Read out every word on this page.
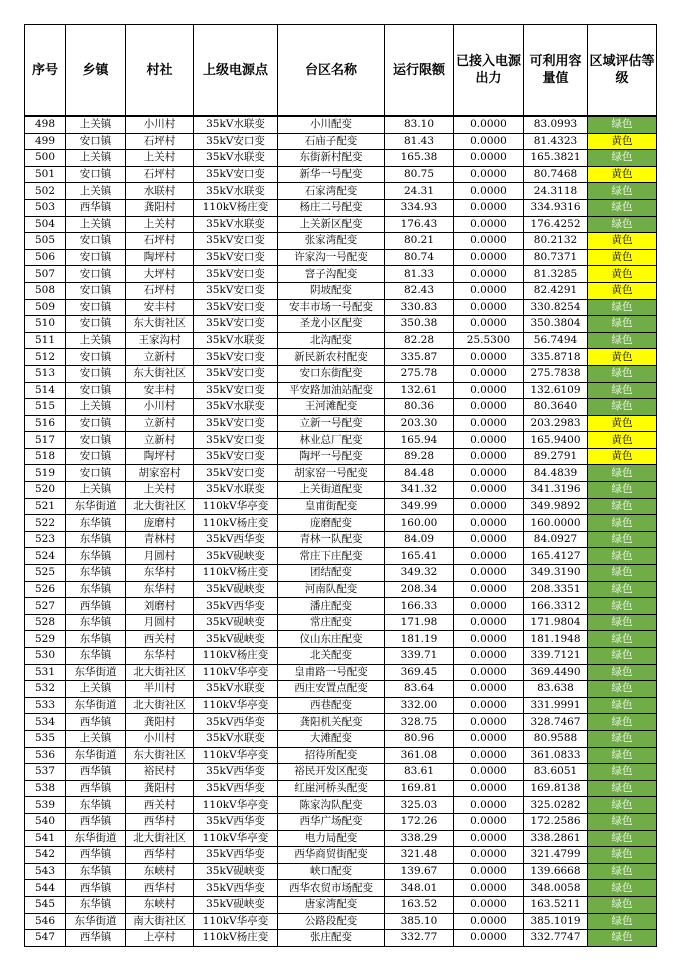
序号	乡镇	村社	上级电源点	台区名称	运行限额	已接入电源出力	可利用容量值	区域评估等级
498	上关镇	小川村	35kV水联变	小川配变	83.10	0.0000	83.0993	绿色
499	安口镇	石坪村	35kV安口变	石庙子配变	81.43	0.0000	81.4323	黄色
500	上关镇	上关村	35kV水联变	东街新村配变	165.38	0.0000	165.3821	绿色
501	安口镇	石坪村	35kV安口变	新华一号配变	80.75	0.0000	80.7468	黄色
502	上关镇	水联村	35kV水联变	石家湾配变	24.31	0.0000	24.3118	绿色
503	西华镇	龚阳村	110kV杨庄变	杨庄二号配变	334.93	0.0000	334.9316	绿色
504	上关镇	上关村	35kV水联变	上关新区配变	176.43	0.0000	176.4252	绿色
505	安口镇	石坪村	35kV安口变	张家湾配变	80.21	0.0000	80.2132	黄色
506	安口镇	陶坪村	35kV安口变	许家沟一号配变	80.74	0.0000	80.7371	黄色
507	安口镇	大坪村	35kV安口变	窨子沟配变	81.33	0.0000	81.3285	黄色
508	安口镇	石坪村	35kV安口变	阴坡配变	82.43	0.0000	82.4291	黄色
509	安口镇	安丰村	35kV安口变	安丰市场一号配变	330.83	0.0000	330.8254	绿色
510	安口镇	东大街社区	35kV安口变	圣龙小区配变	350.38	0.0000	350.3804	绿色
511	上关镇	王家沟村	35kV水联变	北沟配变	82.28	25.5300	56.7494	绿色
512	安口镇	立新村	35kV安口变	新民新农村配变	335.87	0.0000	335.8718	黄色
513	安口镇	东大街社区	35kV安口变	安口东街配变	275.78	0.0000	275.7838	绿色
514	安口镇	安丰村	35kV安口变	平安路加油站配变	132.61	0.0000	132.6109	绿色
515	上关镇	小川村	35kV水联变	王河滩配变	80.36	0.0000	80.3640	绿色
516	安口镇	立新村	35kV安口变	立新一号配变	203.30	0.0000	203.2983	黄色
517	安口镇	立新村	35kV安口变	林业总厂配变	165.94	0.0000	165.9400	黄色
518	安口镇	陶坪村	35kV安口变	陶坪一号配变	89.28	0.0000	89.2791	黄色
519	安口镇	胡家窑村	35kV安口变	胡家窑一号配变	84.48	0.0000	84.4839	绿色
520	上关镇	上关村	35kV水联变	上关街道配变	341.32	0.0000	341.3196	绿色
521	东华街道	北大街社区	110kV华亭变	皇甫街配变	349.99	0.0000	349.9892	绿色
522	东华镇	庞磨村	110kV杨庄变	庞磨配变	160.00	0.0000	160.0000	绿色
523	东华镇	青林村	35kV西华变	青林一队配变	84.09	0.0000	84.0927	绿色
524	东华镇	月圆村	35kV砚峡变	常庄下庄配变	165.41	0.0000	165.4127	绿色
525	东华镇	东华村	110kV杨庄变	团结配变	349.32	0.0000	349.3190	绿色
526	东华镇	东华村	35kV砚峡变	河南队配变	208.34	0.0000	208.3351	绿色
527	西华镇	刘磨村	35kV西华变	潘庄配变	166.33	0.0000	166.3312	绿色
528	东华镇	月圆村	35kV砚峡变	常庄配变	171.98	0.0000	171.9804	绿色
529	东华镇	西关村	35kV砚峡变	仪山东庄配变	181.19	0.0000	181.1948	绿色
530	东华镇	东华村	110kV杨庄变	北关配变	339.71	0.0000	339.7121	绿色
531	东华街道	北大街社区	110kV华亭变	皇甫路一号配变	369.45	0.0000	369.4490	绿色
532	上关镇	半川村	35kV水联变	西庄安置点配变	83.64	0.0000	83.638	绿色
533	东华街道	北大街社区	110kV华亭变	西巷配变	332.00	0.0000	331.9991	绿色
534	西华镇	龚阳村	35kV西华变	龚阳机关配变	328.75	0.0000	328.7467	绿色
535	上关镇	小川村	35kV水联变	大滩配变	80.96	0.0000	80.9588	绿色
536	东华街道	东大街社区	110kV华亭变	招待所配变	361.08	0.0000	361.0833	绿色
537	西华镇	裕民村	35kV西华变	裕民开发区配变	83.61	0.0000	83.6051	绿色
538	西华镇	龚阳村	35kV西华变	红崖河桥头配变	169.81	0.0000	169.8138	绿色
539	东华镇	西关村	110kV华亭变	陈家沟队配变	325.03	0.0000	325.0282	绿色
540	西华镇	西华村	35kV西华变	西华广场配变	172.26	0.0000	172.2586	绿色
541	东华街道	北大街社区	110kV华亭变	电力局配变	338.29	0.0000	338.2861	绿色
542	西华镇	西华村	35kV西华变	西华商贸街配变	321.48	0.0000	321.4799	绿色
543	东华镇	东峡村	35kV砚峡变	峡口配变	139.67	0.0000	139.6668	绿色
544	西华镇	西华村	35kV西华变	西华农贸市场配变	348.01	0.0000	348.0058	绿色
545	东华镇	东峡村	35kV砚峡变	唐家湾配变	163.52	0.0000	163.5211	绿色
546	东华街道	南大街社区	110kV华亭变	公路段配变	385.10	0.0000	385.1019	绿色
547	西华镇	上亭村	110kV杨庄变	张庄配变	332.77	0.0000	332.7747	绿色
